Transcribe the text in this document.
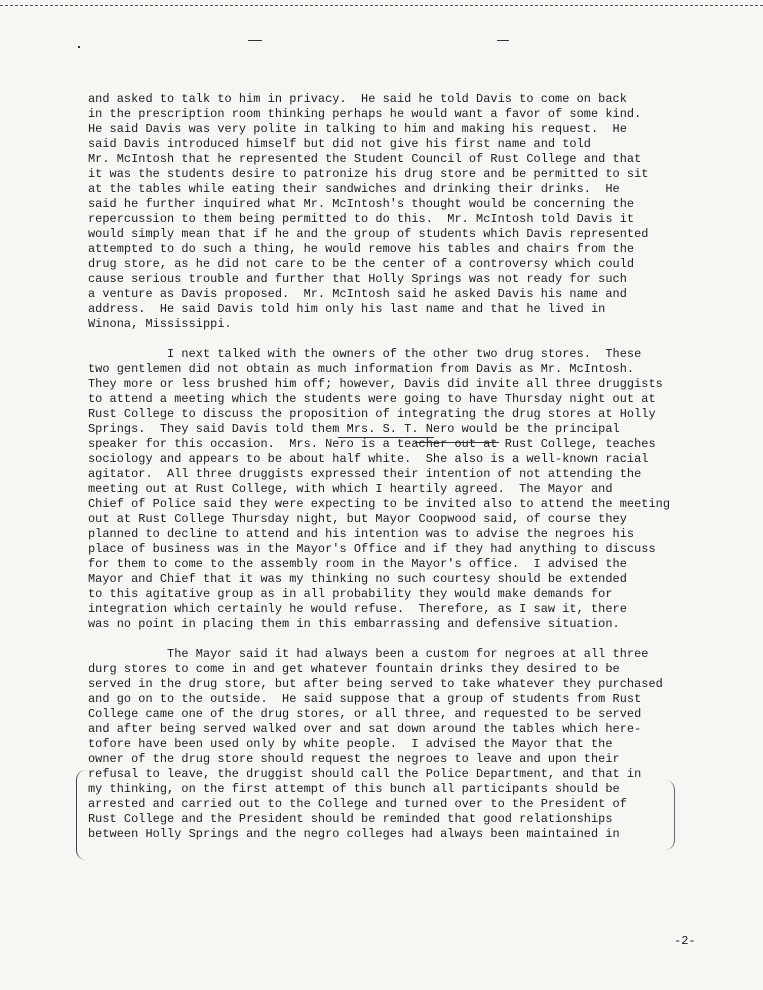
and asked to talk to him in privacy.  He said he told Davis to come on back
in the prescription room thinking perhaps he would want a favor of some kind.
He said Davis was very polite in talking to him and making his request.  He
said Davis introduced himself but did not give his first name and told
Mr. McIntosh that he represented the Student Council of Rust College and that
it was the students desire to patronize his drug store and be permitted to sit
at the tables while eating their sandwiches and drinking their drinks.  He
said he further inquired what Mr. McIntosh's thought would be concerning the
repercussion to them being permitted to do this.  Mr. McIntosh told Davis it
would simply mean that if he and the group of students which Davis represented
attempted to do such a thing, he would remove his tables and chairs from the
drug store, as he did not care to be the center of a controversy which could
cause serious trouble and further that Holly Springs was not ready for such
a venture as Davis proposed.  Mr. McIntosh said he asked Davis his name and
address.  He said Davis told him only his last name and that he lived in
Winona, Mississippi.
I next talked with the owners of the other two drug stores.  These
two gentlemen did not obtain as much information from Davis as Mr. McIntosh.
They more or less brushed him off; however, Davis did invite all three druggists
to attend a meeting which the students were going to have Thursday night out at
Rust College to discuss the proposition of integrating the drug stores at Holly
Springs.  They said Davis told them Mrs. S. T. Nero would be the principal
speaker for this occasion.  Mrs. Nero is a teacher out at Rust College, teaches
sociology and appears to be about half white.  She also is a well-known racial
agitator.  All three druggists expressed their intention of not attending the
meeting out at Rust College, with which I heartily agreed.  The Mayor and
Chief of Police said they were expecting to be invited also to attend the meeting
out at Rust College Thursday night, but Mayor Coopwood said, of course they
planned to decline to attend and his intention was to advise the negroes his
place of business was in the Mayor's Office and if they had anything to discuss
for them to come to the assembly room in the Mayor's office.  I advised the
Mayor and Chief that it was my thinking no such courtesy should be extended
to this agitative group as in all probability they would make demands for
integration which certainly he would refuse.  Therefore, as I saw it, there
was no point in placing them in this embarrassing and defensive situation.
The Mayor said it had always been a custom for negroes at all three
durg stores to come in and get whatever fountain drinks they desired to be
served in the drug store, but after being served to take whatever they purchased
and go on to the outside.  He said suppose that a group of students from Rust
College came one of the drug stores, or all three, and requested to be served
and after being served walked over and sat down around the tables which here-
tofore have been used only by white people.  I advised the Mayor that the
owner of the drug store should request the negroes to leave and upon their
refusal to leave, the druggist should call the Police Department, and that in
my thinking, on the first attempt of this bunch all participants should be
arrested and carried out to the College and turned over to the President of
Rust College and the President should be reminded that good relationships
between Holly Springs and the negro colleges had always been maintained in
-2-
